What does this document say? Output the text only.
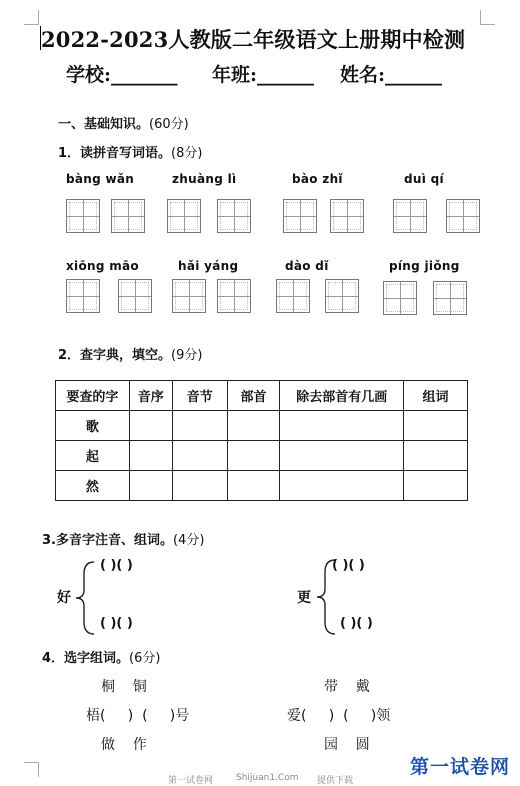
2022-2023人教版二年级语文上册期中检测
学校:_______ 年班:______ 姓名:______
一、基础知识。(60分)
1．读拼音写词语。(8分)
bàng wǎn	zhuàng lì	bào zhǐ	duì qí
xiōng māo	hǎi yáng	dào dǐ	píng jiǒng
2．查字典，填空。(9分)
要查的字	音序	音节	部首	除去部首有几画	组词
歌					
起					
然					
3.多音字注音、组词。(4分)
好
( )( )
( )( )
更
( )( )
( )( )
4．选字组词。(6分)
桐    铜
梧(     )  (     )号
做    作
带    戴
爱(     )  (     )领
园    圆
第一试卷网	Shijuan1.Com 提供下载
第一试卷网
